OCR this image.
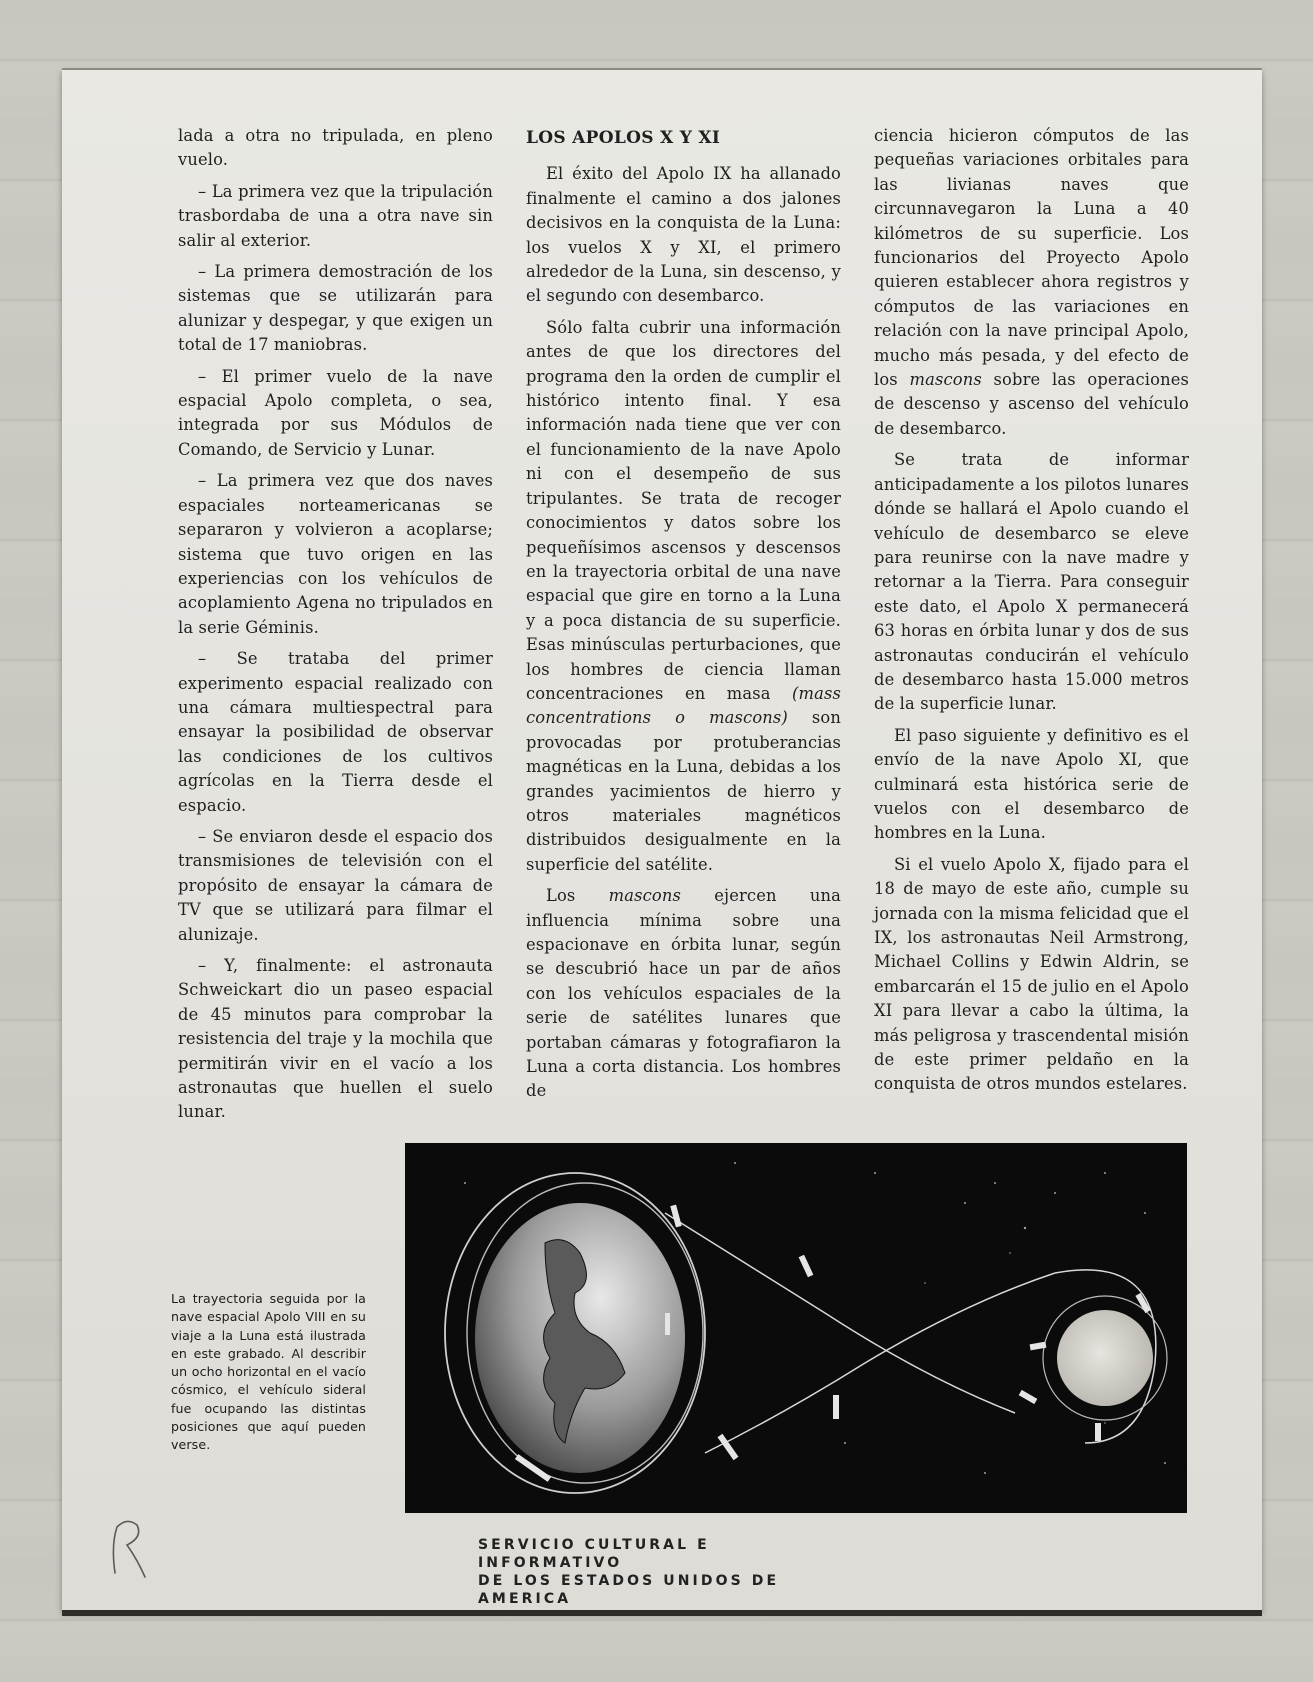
lada a otra no tripulada, en pleno vuelo.

– La primera vez que la tripulación trasbordaba de una a otra nave sin salir al exterior.

– La primera demostración de los sistemas que se utilizarán para alunizar y despegar, y que exigen un total de 17 maniobras.

– El primer vuelo de la nave espacial Apolo completa, o sea, integrada por sus Módulos de Comando, de Servicio y Lunar.

– La primera vez que dos naves espaciales norteamericanas se separaron y volvieron a acoplarse; sistema que tuvo origen en las experiencias con los vehículos de acoplamiento Agena no tripulados en la serie Géminis.

– Se trataba del primer experimento espacial realizado con una cámara multiespectral para ensayar la posibilidad de observar las condiciones de los cultivos agrícolas en la Tierra desde el espacio.

– Se enviaron desde el espacio dos transmisiones de televisión con el propósito de ensayar la cámara de TV que se utilizará para filmar el alunizaje.

– Y, finalmente: el astronauta Schweickart dio un paseo espacial de 45 minutos para comprobar la resistencia del traje y la mochila que permitirán vivir en el vacío a los astronautas que huellen el suelo lunar.

LOS APOLOS X Y XI

El éxito del Apolo IX ha allanado finalmente el camino a dos jalones decisivos en la conquista de la Luna: los vuelos X y XI, el primero alrededor de la Luna, sin descenso, y el segundo con desembarco.

Sólo falta cubrir una información antes de que los directores del programa den la orden de cumplir el histórico intento final. Y esa información nada tiene que ver con el funcionamiento de la nave Apolo ni con el desempeño de sus tripulantes. Se trata de recoger conocimientos y datos sobre los pequeñísimos ascensos y descensos en la trayectoria orbital de una nave espacial que gire en torno a la Luna y a poca distancia de su superficie. Esas minúsculas perturbaciones, que los hombres de ciencia llaman concentraciones en masa (mass concentrations o mascons) son provocadas por protuberancias magnéticas en la Luna, debidas a los grandes yacimientos de hierro y otros materiales magnéticos distribuidos desigualmente en la superficie del satélite.

Los mascons ejercen una influencia mínima sobre una espacionave en órbita lunar, según se descubrió hace un par de años con los vehículos espaciales de la serie de satélites lunares que portaban cámaras y fotografiaron la Luna a corta distancia. Los hombres de

ciencia hicieron cómputos de las pequeñas variaciones orbitales para las livianas naves que circunnavegaron la Luna a 40 kilómetros de su superficie. Los funcionarios del Proyecto Apolo quieren establecer ahora registros y cómputos de las variaciones en relación con la nave principal Apolo, mucho más pesada, y del efecto de los mascons sobre las operaciones de descenso y ascenso del vehículo de desembarco.

Se trata de informar anticipadamente a los pilotos lunares dónde se hallará el Apolo cuando el vehículo de desembarco se eleve para reunirse con la nave madre y retornar a la Tierra. Para conseguir este dato, el Apolo X permanecerá 63 horas en órbita lunar y dos de sus astronautas conducirán el vehículo de desembarco hasta 15.000 metros de la superficie lunar.

El paso siguiente y definitivo es el envío de la nave Apolo XI, que culminará esta histórica serie de vuelos con el desembarco de hombres en la Luna.

Si el vuelo Apolo X, fijado para el 18 de mayo de este año, cumple su jornada con la misma felicidad que el IX, los astronautas Neil Armstrong, Michael Collins y Edwin Aldrin, se embarcarán el 15 de julio en el Apolo XI para llevar a cabo la última, la más peligrosa y trascendental misión de este primer peldaño en la conquista de otros mundos estelares.

La trayectoria seguida por la nave espacial Apolo VIII en su viaje a la Luna está ilustrada en este grabado. Al describir un ocho horizontal en el vacío cósmico, el vehículo sideral fue ocupando las distintas posiciones que aquí pueden verse.
SERVICIO CULTURAL E INFORMATIVO
DE LOS ESTADOS UNIDOS DE AMERICA
